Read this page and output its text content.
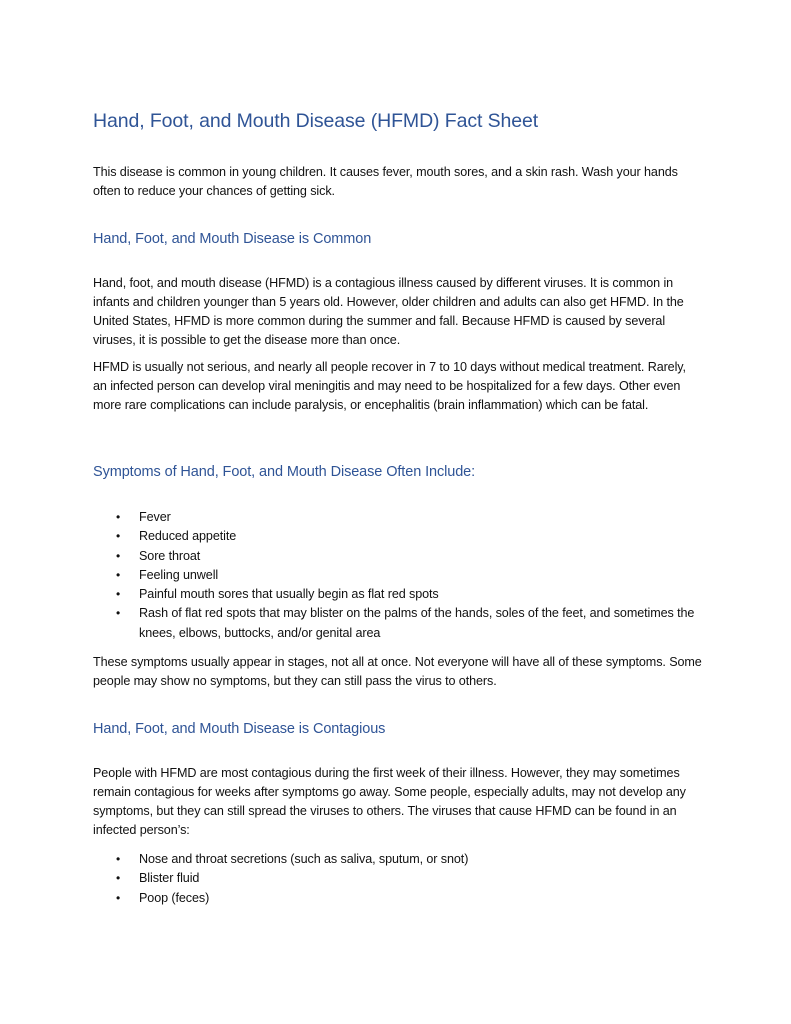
Hand, Foot, and Mouth Disease (HFMD) Fact Sheet

This disease is common in young children. It causes fever, mouth sores, and a skin rash. Wash your hands often to reduce your chances of getting sick.

Hand, Foot, and Mouth Disease is Common

Hand, foot, and mouth disease (HFMD) is a contagious illness caused by different viruses. It is common in infants and children younger than 5 years old. However, older children and adults can also get HFMD. In the United States, HFMD is more common during the summer and fall. Because HFMD is caused by several viruses, it is possible to get the disease more than once.

HFMD is usually not serious, and nearly all people recover in 7 to 10 days without medical treatment. Rarely, an infected person can develop viral meningitis and may need to be hospitalized for a few days. Other even more rare complications can include paralysis, or encephalitis (brain inflammation) which can be fatal.

Symptoms of Hand, Foot, and Mouth Disease Often Include:
• Fever
• Reduced appetite
• Sore throat
• Feeling unwell
• Painful mouth sores that usually begin as flat red spots
• Rash of flat red spots that may blister on the palms of the hands, soles of the feet, and sometimes the knees, elbows, buttocks, and/or genital area

These symptoms usually appear in stages, not all at once. Not everyone will have all of these symptoms. Some people may show no symptoms, but they can still pass the virus to others.

Hand, Foot, and Mouth Disease is Contagious

People with HFMD are most contagious during the first week of their illness. However, they may sometimes remain contagious for weeks after symptoms go away. Some people, especially adults, may not develop any symptoms, but they can still spread the viruses to others. The viruses that cause HFMD can be found in an infected person’s:

• Nose and throat secretions (such as saliva, sputum, or snot)
• Blister fluid
• Poop (feces)
